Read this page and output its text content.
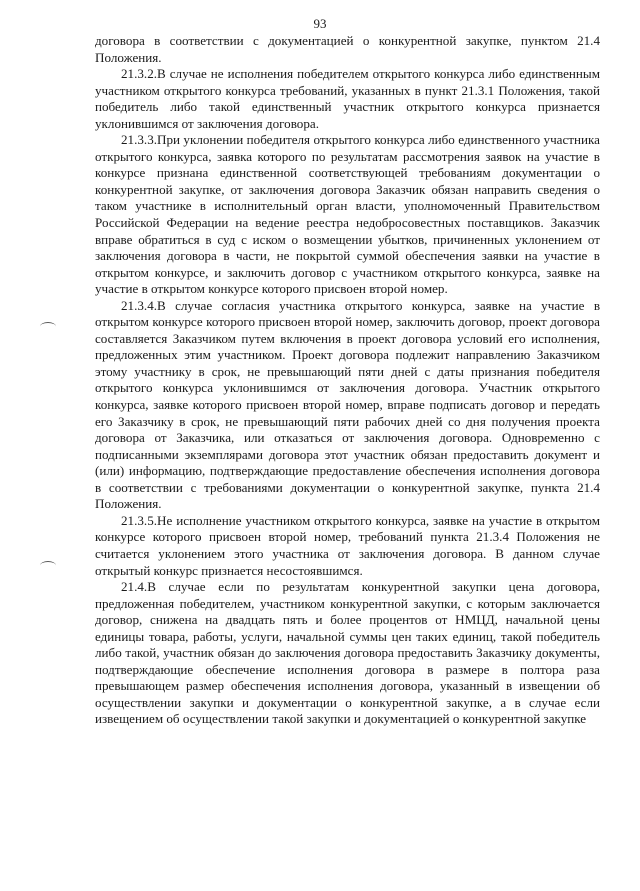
93

договора в соответствии с документацией о конкурентной закупке, пунктом 21.4 Положения.

21.3.2.В случае не исполнения победителем открытого конкурса либо единственным участником открытого конкурса требований, указанных в пункт 21.3.1 Положения, такой победитель либо такой единственный участник открытого конкурса признается уклонившимся от заключения договора.

21.3.3.При уклонении победителя открытого конкурса либо единственного участника открытого конкурса, заявка которого по результатам рассмотрения заявок на участие в конкурсе признана единственной соответствующей требованиям документации о конкурентной закупке, от заключения договора Заказчик обязан направить сведения о таком участнике в исполнительный орган власти, уполномоченный Правительством Российской Федерации на ведение реестра недобросовестных поставщиков. Заказчик вправе обратиться в суд с иском о возмещении убытков, причиненных уклонением от заключения договора в части, не покрытой суммой обеспечения заявки на участие в открытом конкурсе, и заключить договор с участником открытого конкурса, заявке на участие в открытом конкурсе которого присвоен второй номер.

21.3.4.В случае согласия участника открытого конкурса, заявке на участие в открытом конкурсе которого присвоен второй номер, заключить договор, проект договора составляется Заказчиком путем включения в проект договора условий его исполнения, предложенных этим участником. Проект договора подлежит направлению Заказчиком этому участнику в срок, не превышающий пяти дней с даты признания победителя открытого конкурса уклонившимся от заключения договора. Участник открытого конкурса, заявке которого присвоен второй номер, вправе подписать договор и передать его Заказчику в срок, не превышающий пяти рабочих дней со дня получения проекта договора от Заказчика, или отказаться от заключения договора. Одновременно с подписанными экземплярами договора этот участник обязан предоставить документ и (или) информацию, подтверждающие предоставление обеспечения исполнения договора в соответствии с требованиями документации о конкурентной закупке, пункта 21.4 Положения.

21.3.5.Не исполнение участником открытого конкурса, заявке на участие в открытом конкурсе которого присвоен второй номер, требований пункта 21.3.4 Положения не считается уклонением этого участника от заключения договора. В данном случае открытый конкурс признается несостоявшимся.

21.4.В случае если по результатам конкурентной закупки цена договора, предложенная победителем, участником конкурентной закупки, с которым заключается договор, снижена на двадцать пять и более процентов от НМЦД, начальной цены единицы товара, работы, услуги, начальной суммы цен таких единиц, такой победитель либо такой, участник обязан до заключения договора предоставить Заказчику документы, подтверждающие обеспечение исполнения договора в размере в полтора раза превышающем размер обеспечения исполнения договора, указанный в извещении об осуществлении закупки и документации о конкурентной закупке, а в случае если извещением об осуществлении такой закупки и документацией о конкурентной закупке
